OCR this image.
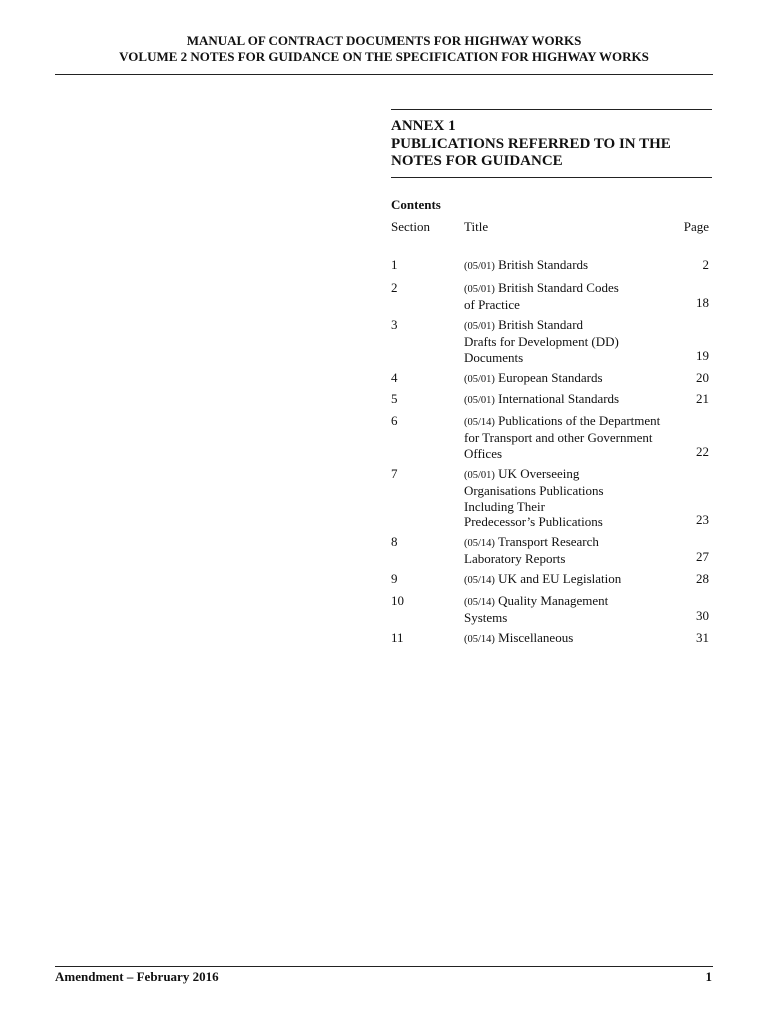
MANUAL OF CONTRACT DOCUMENTS FOR HIGHWAY WORKS
VOLUME 2 NOTES FOR GUIDANCE ON THE SPECIFICATION FOR HIGHWAY WORKS
ANNEX 1
PUBLICATIONS REFERRED TO IN THE
NOTES FOR GUIDANCE
Contents
Section	Title	Page
1	(05/01) British Standards	2
2	(05/01) British Standard Codes
of Practice	18
3	(05/01) British Standard
Drafts for Development (DD)
Documents	19
4	(05/01) European Standards	20
5	(05/01) International Standards	21
6	(05/14) Publications of the Department
for Transport and other Government
Offices	22
7	(05/01) UK Overseeing
Organisations Publications
Including Their
Predecessor’s Publications	23
8	(05/14) Transport Research
Laboratory Reports	27
9	(05/14) UK and EU Legislation	28
10	(05/14) Quality Management
Systems	30
11	(05/14) Miscellaneous	31
Amendment – February 2016	1
